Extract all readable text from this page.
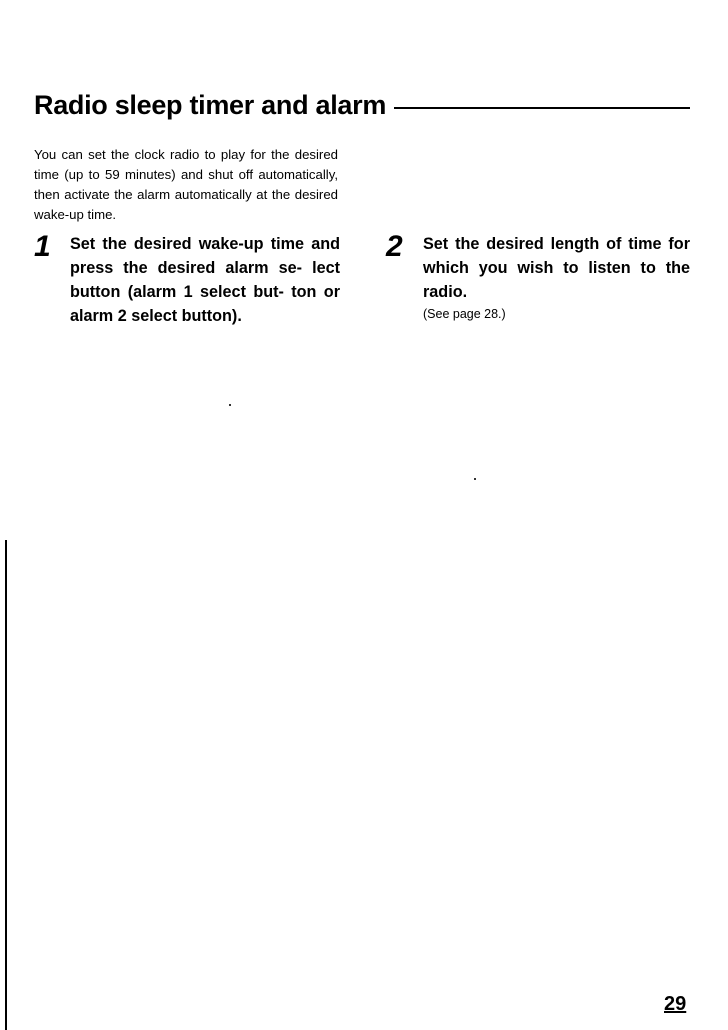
Radio sleep timer and alarm

You can set the clock radio to play for the desired time (up to 59 minutes) and shut off automatically, then activate the alarm automatically at the desired wake-up time.

1 Set the desired wake-up time and press the desired alarm se- lect button (alarm 1 select but- ton or alarm 2 select button).
2 Set the desired length of time for which you wish to listen to the radio.
(See page 28.)
29
